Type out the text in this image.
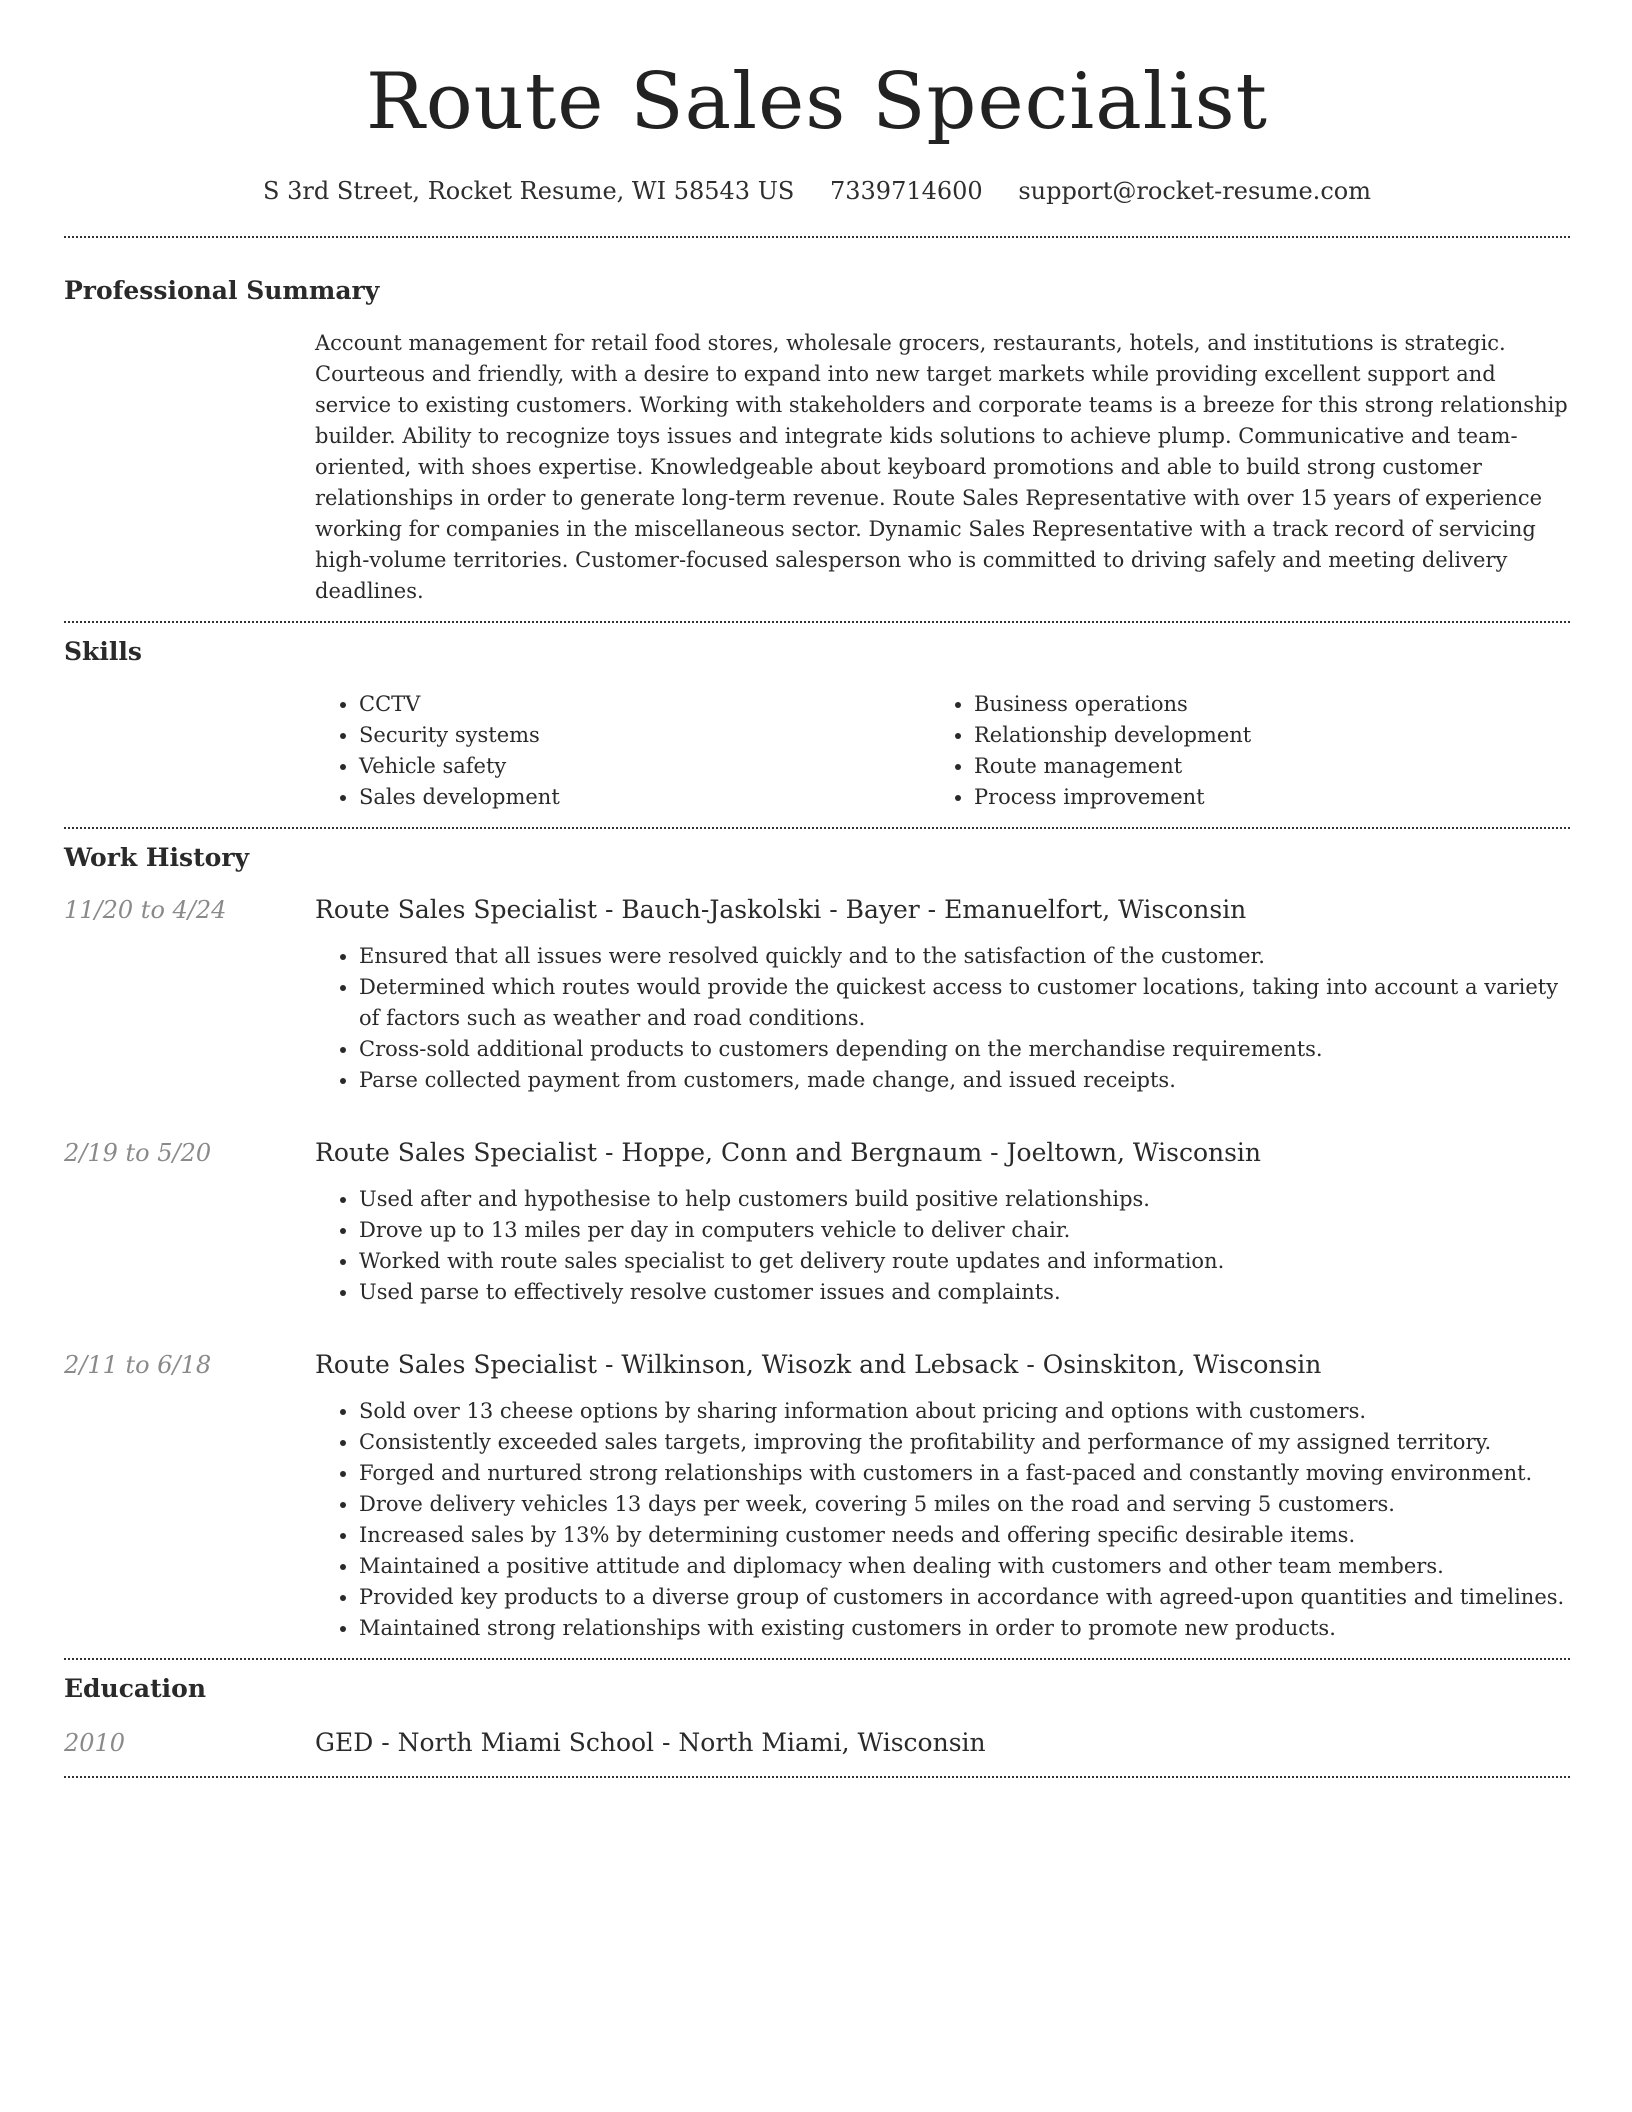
Route Sales Specialist
S 3rd Street, Rocket Resume, WI 58543 US 7339714600 support@rocket-resume.com
Professional Summary

Account management for retail food stores, wholesale grocers, restaurants, hotels, and institutions is strategic. Courteous and friendly, with a desire to expand into new target markets while providing excellent support and service to existing customers. Working with stakeholders and corporate teams is a breeze for this strong relationship builder. Ability to recognize toys issues and integrate kids solutions to achieve plump. Communicative and team-oriented, with shoes expertise. Knowledgeable about keyboard promotions and able to build strong customer relationships in order to generate long-term revenue. Route Sales Representative with over 15 years of experience working for companies in the miscellaneous sector. Dynamic Sales Representative with a track record of servicing high-volume territories. Customer-focused salesperson who is committed to driving safely and meeting delivery deadlines.

Skills
• CCTV
• Security systems
• Vehicle safety
• Sales development
• Business operations
• Relationship development
• Route management
• Process improvement
Work History
11/20 to 4/24	Route Sales Specialist - Bauch-Jaskolski - Bayer - Emanuelfort, Wisconsin
• Ensured that all issues were resolved quickly and to the satisfaction of the customer.
• Determined which routes would provide the quickest access to customer locations, taking into account a variety of factors such as weather and road conditions.
• Cross-sold additional products to customers depending on the merchandise requirements.
• Parse collected payment from customers, made change, and issued receipts.
2/19 to 5/20	Route Sales Specialist - Hoppe, Conn and Bergnaum - Joeltown, Wisconsin
• Used after and hypothesise to help customers build positive relationships.
• Drove up to 13 miles per day in computers vehicle to deliver chair.
• Worked with route sales specialist to get delivery route updates and information.
• Used parse to effectively resolve customer issues and complaints.
2/11 to 6/18	Route Sales Specialist - Wilkinson, Wisozk and Lebsack - Osinskiton, Wisconsin
• Sold over 13 cheese options by sharing information about pricing and options with customers.
• Consistently exceeded sales targets, improving the profitability and performance of my assigned territory.
• Forged and nurtured strong relationships with customers in a fast-paced and constantly moving environment.
• Drove delivery vehicles 13 days per week, covering 5 miles on the road and serving 5 customers.
• Increased sales by 13% by determining customer needs and offering specific desirable items.
• Maintained a positive attitude and diplomacy when dealing with customers and other team members.
• Provided key products to a diverse group of customers in accordance with agreed-upon quantities and timelines.
• Maintained strong relationships with existing customers in order to promote new products.
Education
2010	GED - North Miami School - North Miami, Wisconsin
